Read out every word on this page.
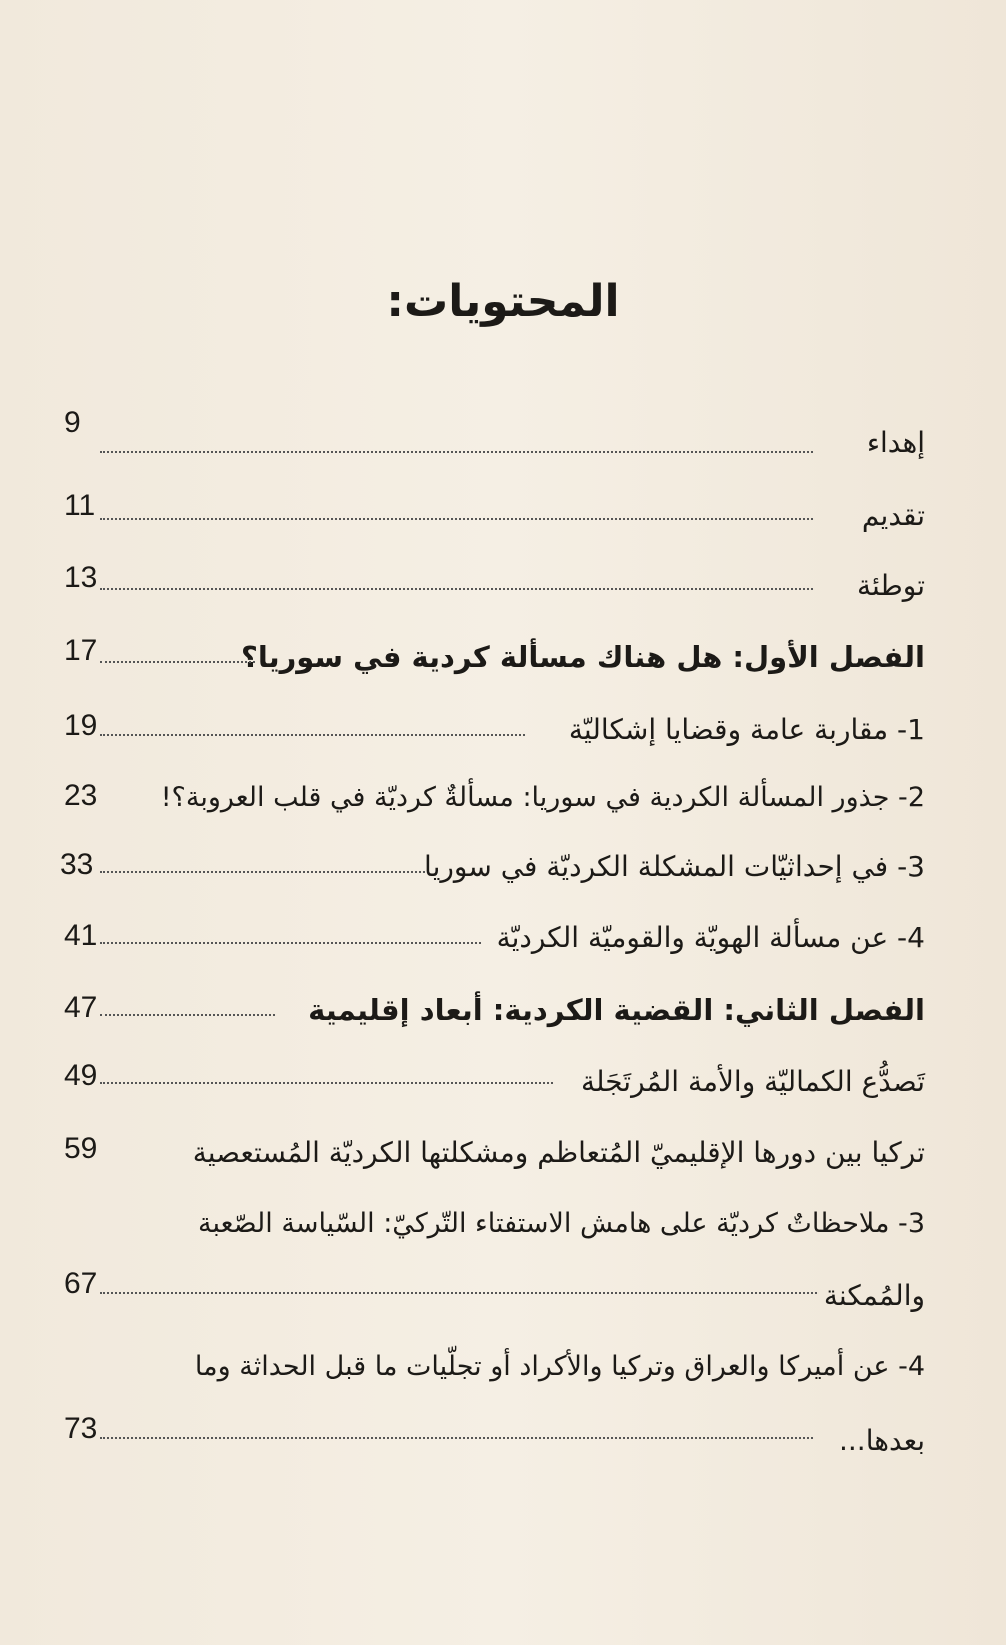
المحتويات:
إهداء
9
تقديم
11
توطئة
13
الفصل الأول: هل هناك مسألة كردية في سوريا؟
17
1- مقاربة عامة وقضايا إشكاليّة
19
2- جذور المسألة الكردية في سوريا: مسألةٌ كرديّة في قلب العروبة؟!
23
3- في إحداثيّات المشكلة الكرديّة في سوريا
33
4- عن مسألة الهويّة والقوميّة الكرديّة
41
الفصل الثاني: القضية الكردية: أبعاد إقليمية
47
تَصدُّع الكماليّة والأمة المُرتَجَلة
49
تركيا بين دورها الإقليميّ المُتعاظم ومشكلتها الكرديّة المُستعصية
59
3- ملاحظاتٌ كرديّة على هامش الاستفتاء التّركيّ: السّياسة الصّعبة
والمُمكنة
67
4- عن أميركا والعراق وتركيا والأكراد أو تجلّيات ما قبل الحداثة وما
بعدها...
73
